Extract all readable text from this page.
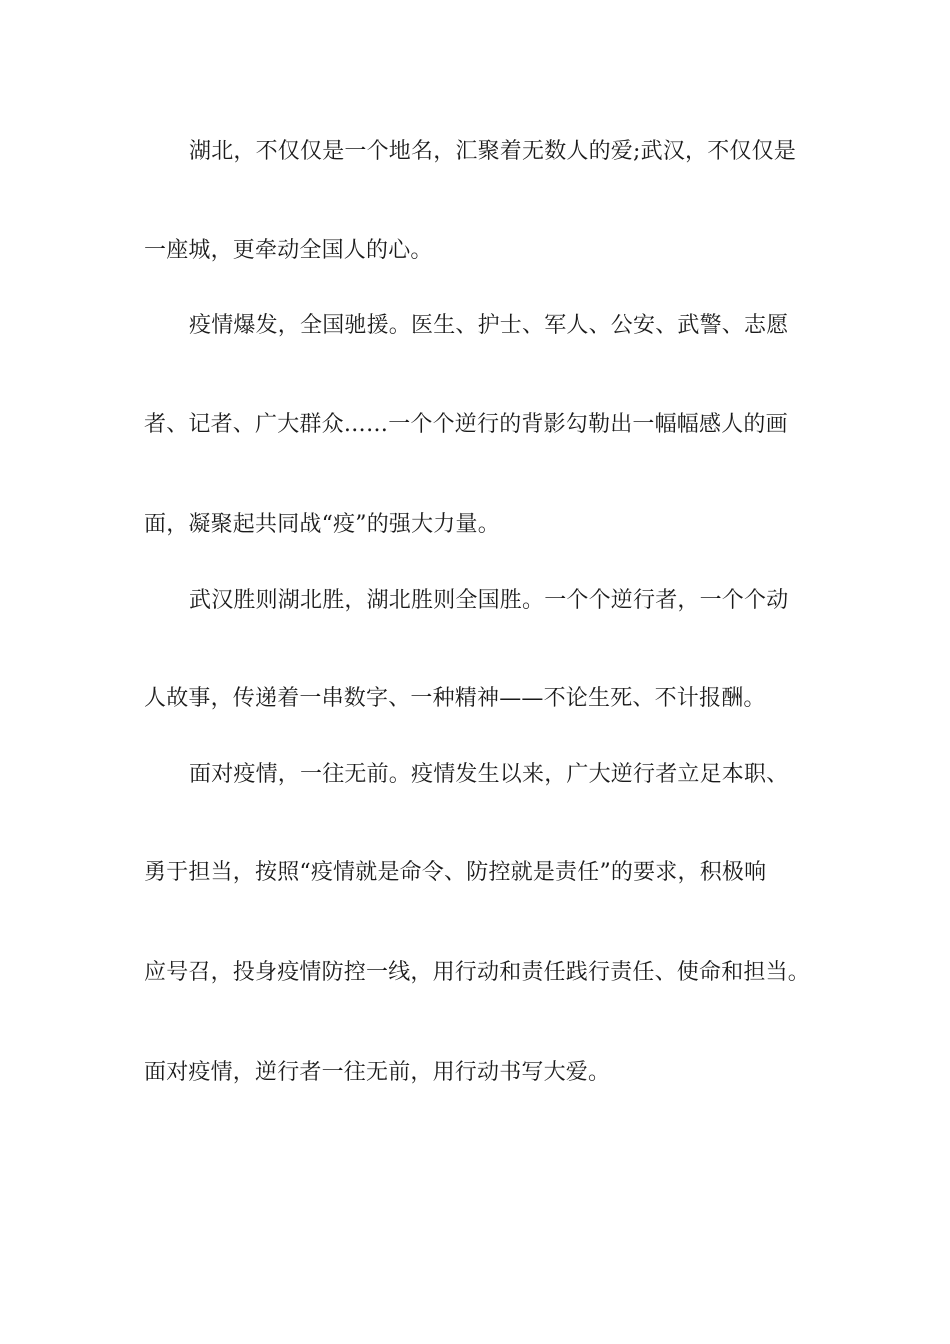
湖北，不仅仅是一个地名，汇聚着无数人的爱;武汉，不仅仅是
一座城，更牵动全国人的心。
疫情爆发，全国驰援。医生、护士、军人、公安、武警、志愿
者、记者、广大群众……一个个逆行的背影勾勒出一幅幅感人的画
面，凝聚起共同战“疫”的强大力量。
武汉胜则湖北胜，湖北胜则全国胜。一个个逆行者，一个个动
人故事，传递着一串数字、一种精神——不论生死、不计报酬。
面对疫情，一往无前。疫情发生以来，广大逆行者立足本职、
勇于担当，按照“疫情就是命令、防控就是责任”的要求，积极响
应号召，投身疫情防控一线，用行动和责任践行责任、使命和担当。
面对疫情，逆行者一往无前，用行动书写大爱。
